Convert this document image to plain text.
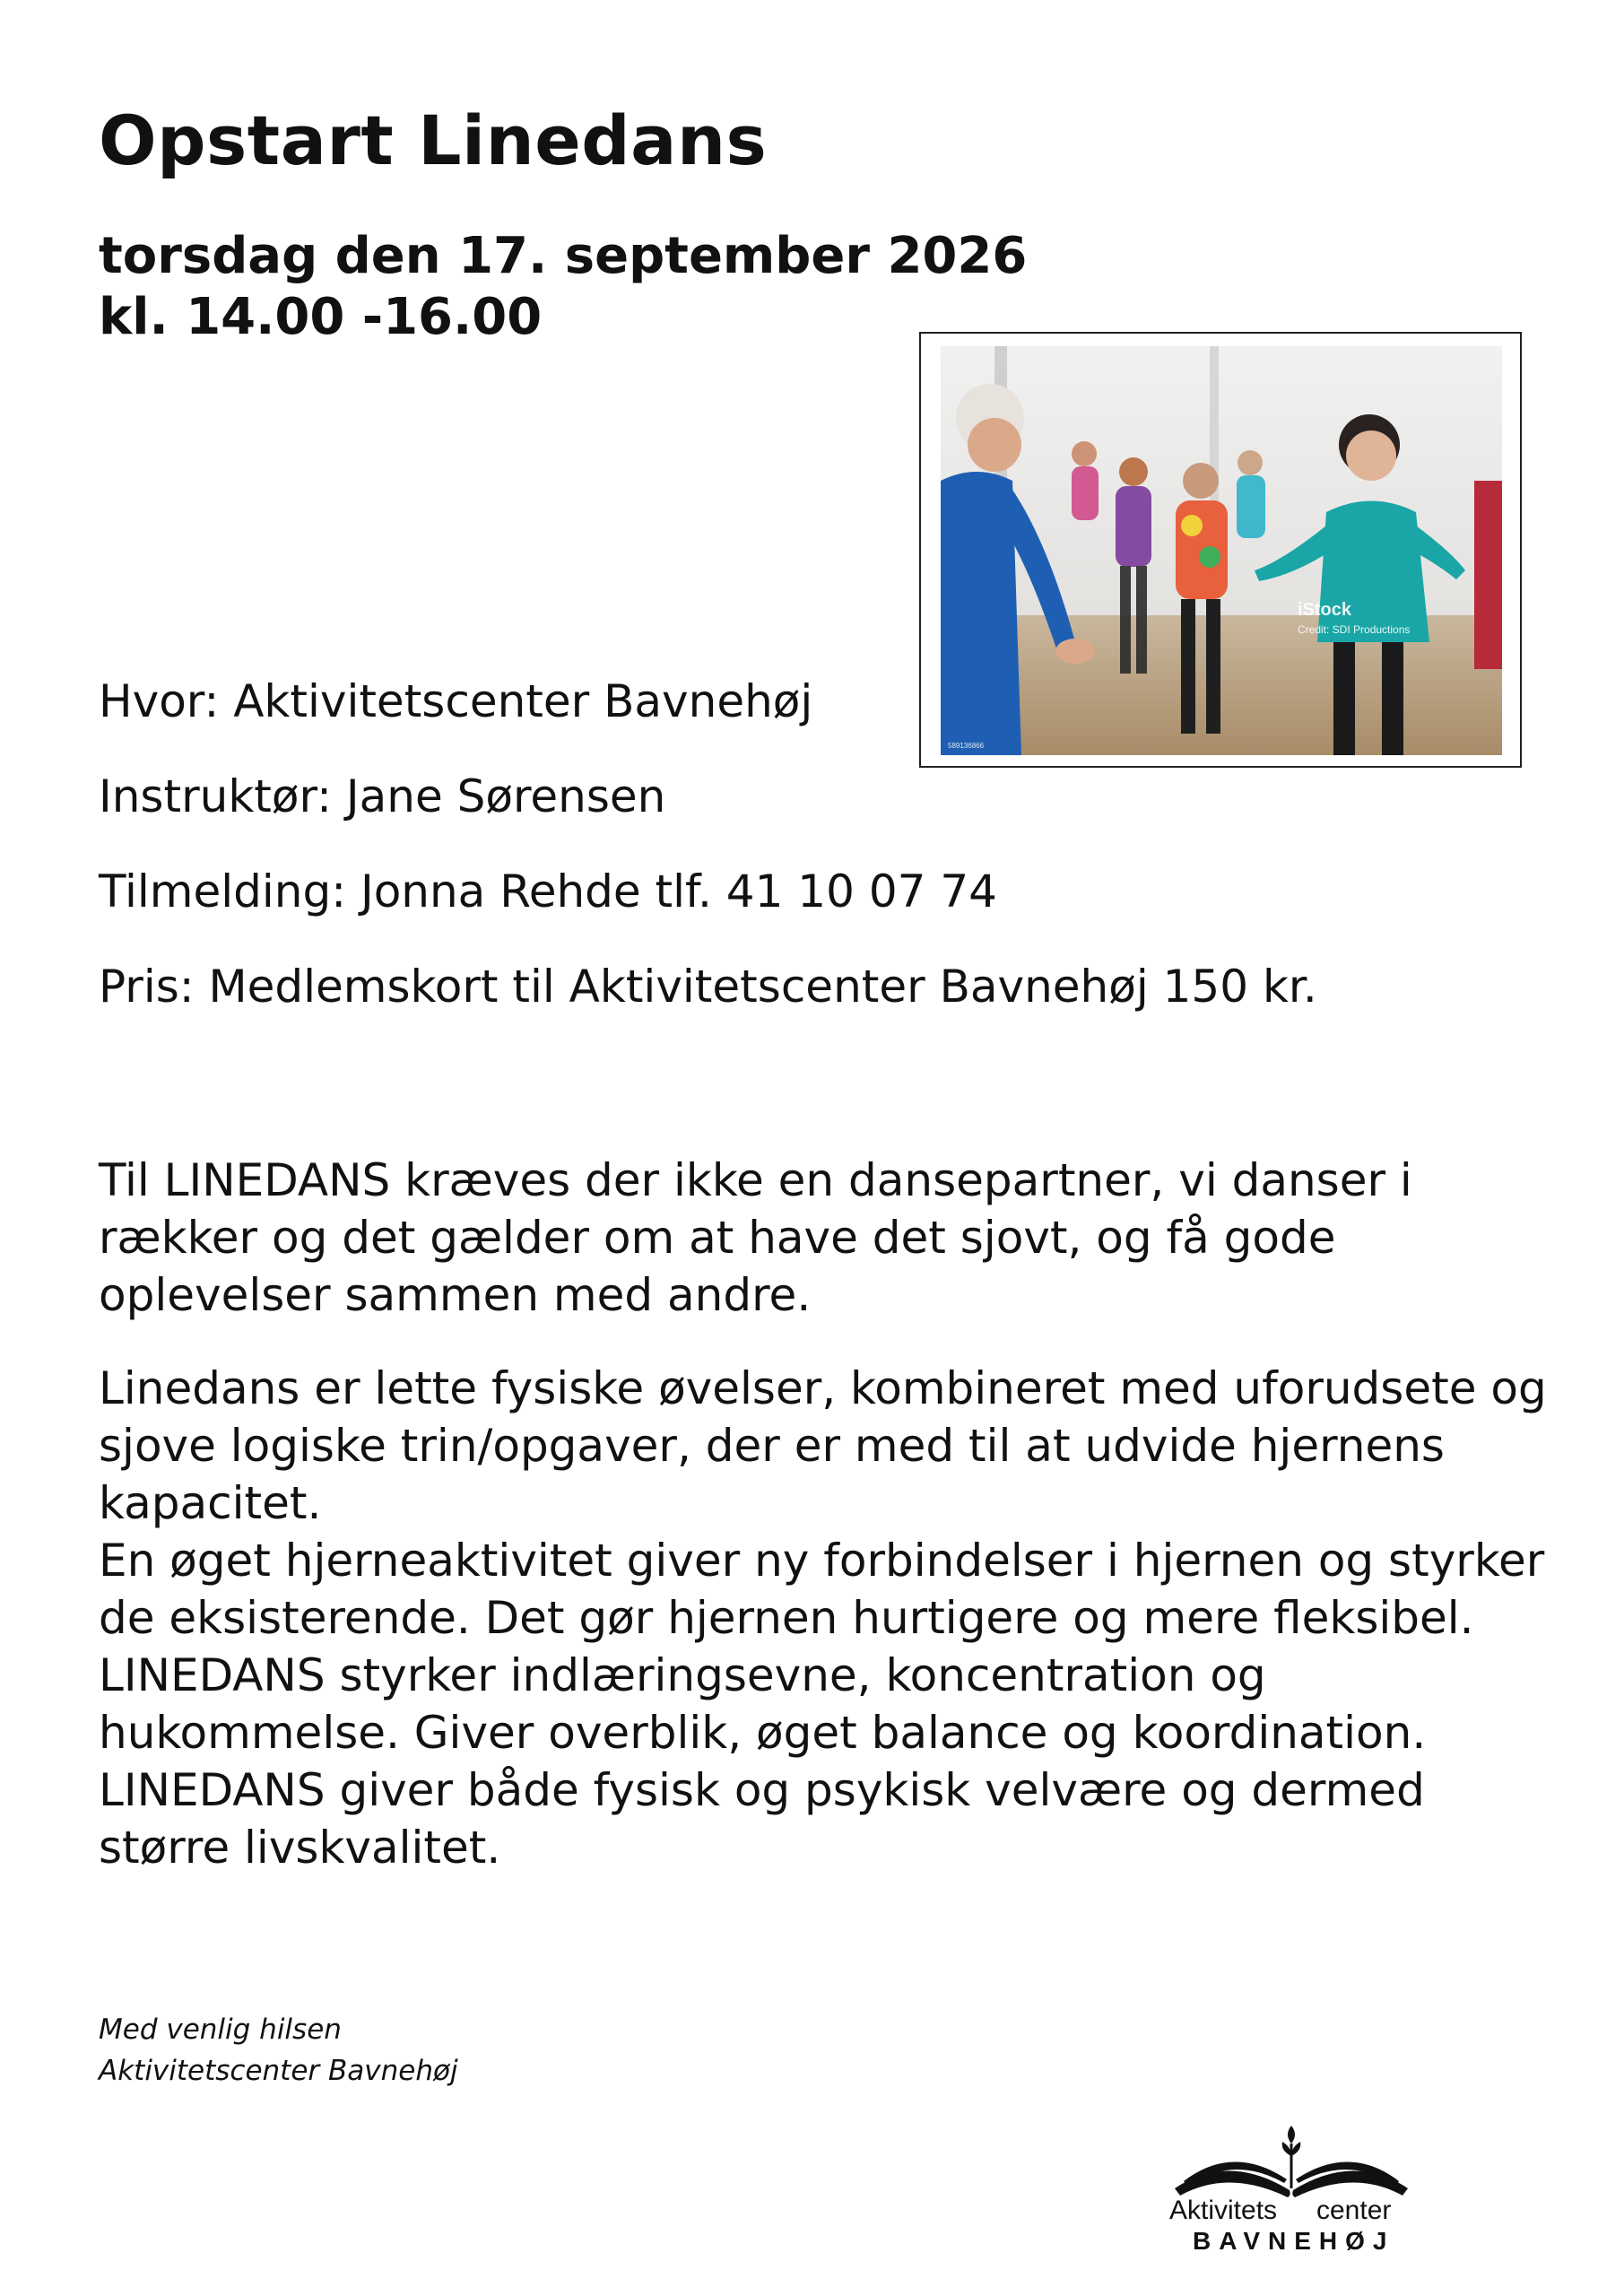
Opstart Linedans
torsdag den 17. september 2026
kl. 14.00 -16.00
iStock
Credit: SDI Productions
589136866
Hvor: Aktivitetscenter Bavnehøj
Instruktør: Jane Sørensen
Tilmelding: Jonna Rehde tlf. 41 10 07 74
Pris: Medlemskort til Aktivitetscenter Bavnehøj 150 kr.

Til LINEDANS kræves der ikke en dansepartner, vi danser i rækker og det gælder om at have det sjovt, og få gode oplevelser sammen med andre.

Linedans er lette fysiske øvelser, kombineret med uforudsete og sjove logiske trin/opgaver, der er med til at udvide hjernens kapacitet.
En øget hjerneaktivitet giver ny forbindelser i hjernen og styrker de eksisterende. Det gør hjernen hurtigere og mere fleksibel.
LINEDANS styrker indlæringsevne, koncentration og hukommelse. Giver overblik, øget balance og koordination.
LINEDANS giver både fysisk og psykisk velvære og dermed større livskvalitet.
Med venlig hilsen
Aktivitetscenter Bavnehøj
Aktivitets center
BAVNEHØJ
